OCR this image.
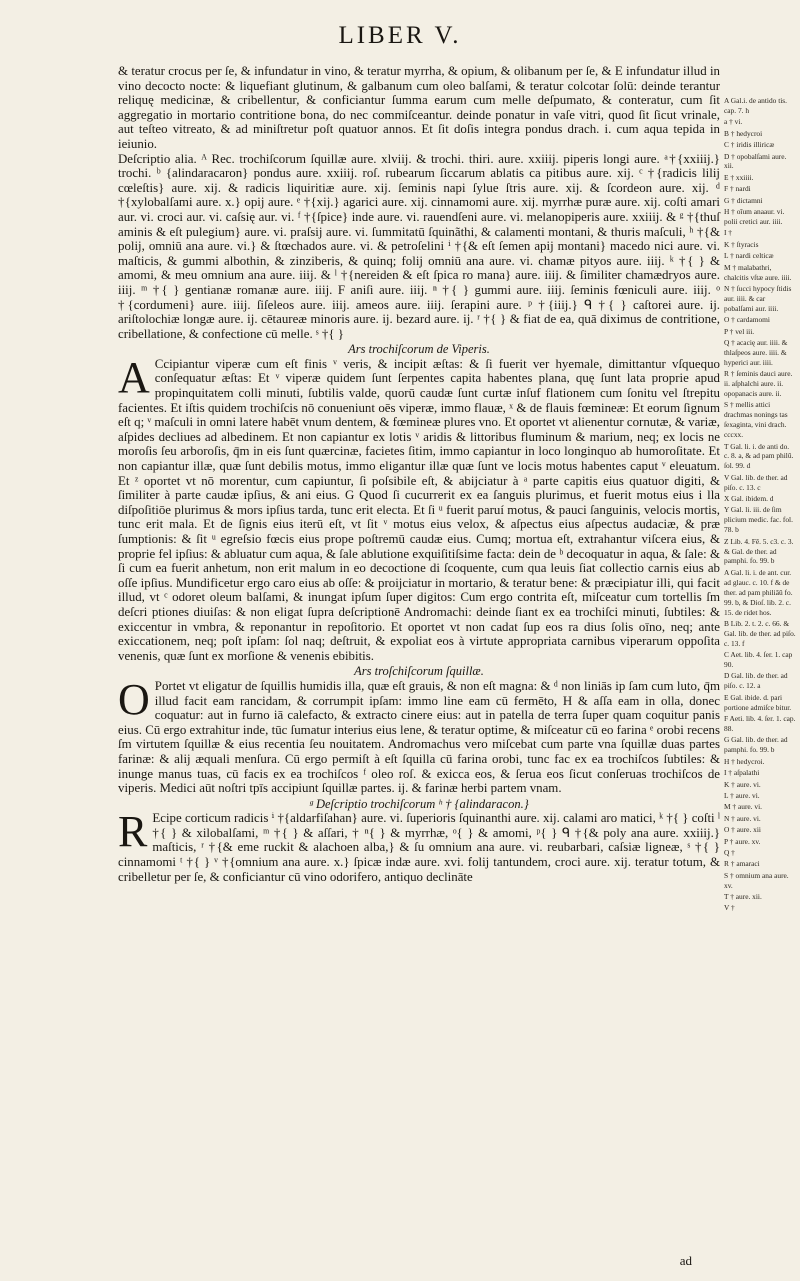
LIBER V.

& teratur crocus per ſe, & infundatur in vino, & teratur myrrha, & opium, & olibanum per ſe, & E infundatur illud in vino decocto nocte: & liquefiant glutinum, & galbanum cum oleo balſami, & teratur colcotar ſolū: deinde terantur reliquę medicinæ, & cribellentur, & conficiantur ſumma earum cum melle deſpumato, & conteratur, cum ſit aggregatio in mortario contritione bona, do nec commiſceantur. deinde ponatur in vaſe vitri, quod ſit ſicut vrinale, aut teſteo vitreato, & ad miniſtretur poſt quatuor annos. Et ſit doſis integra pondus drach. i. cum aqua tepida in ieiunio.

Deſcriptio alia. ᴬ Rec. trochiſcorum ſquillæ aure. xlviij. & trochi. thiri. aure. xxiiij. piperis longi aure. ᵃ†{xxiiij.} trochi. ᵇ {alindaracaron} pondus aure. xxiiij. roſ. rubearum ſiccarum ablatis ca pitibus aure. xij. ᶜ †{radicis lilij cœleſtis} aure. xij. & radicis liquiritiæ aure. xij. ſeminis napi ſylue ſtris aure. xij. & ſcordeon aure. xij. ᵈ †{xylobalſami aure. x.} opij aure. ᵉ †{xij.} agarici aure. xij. cinnamomi aure. xij. myrrhæ puræ aure. xij. coſti amari aur. vi. croci aur. vi. caſsię aur. vi. ᶠ †{ſpice} inde aure. vi. rauendſeni aure. vi. melanopiperis aure. xxiiij. & ᵍ †{thuſ aminis & eſt pulegium} aure. vi. praſsij aure. vi. ſummitatū ſquinãthi, & calamenti montani, & thuris maſculi, ʰ †{& polij, omniū ana aure. vi.} & ſtœchados aure. vi. & petroſelini ⁱ †{& eſt ſemen apij montani} macedo nici aure. vi. maſticis, & gummi albothin, & zinziberis, & quinq; folij omniū ana aure. vi. chamæ pityos aure. iiij. ᵏ †{ } & amomi, & meu omnium ana aure. iiij. & ˡ †{nereiden & eſt ſpica ro mana} aure. iiij. & ſimiliter chamædryos aure. iiij. ᵐ †{ } gentianæ romanæ aure. iiij. F aniſi aure. iiij. ⁿ †{ } gummi aure. iiij. ſeminis fœniculi aure. iiij. ᵒ †{cordumeni} aure. iiij. ſiſeleos aure. iiij. ameos aure. iiij. ſerapini aure. ᵖ †{iiij.} ᑫ †{ } caſtorei aure. ij. ariſtolochiæ longæ aure. ij. cētaureæ minoris aure. ij. bezard aure. ij. ʳ †{ } & fiat de ea, quā diximus de contritione, cribellatione, & confectione cū melle. ˢ †{ }

Ars trochiſcorum de Viperis.

A Ccipiantur viperæ cum eſt finis ᵛ veris, & incipit æſtas: & ſi fuerit ver hyemale, dimittantur vſquequo conſequatur æſtas: Et ᵛ viperæ quidem ſunt ſerpentes capita habentes plana, quę ſunt lata proprie apud propinquitatem colli minuti, ſubtilis valde, quorū caudæ ſunt curtæ inſuf flationem cum ſonitu vel ſtrepitu facientes. Et iſtis quidem trochiſcis nō conueniunt oēs viperæ, immo flauæ, ˣ & de flauis fœmineæ: Et eorum ſignum eſt q; ᵛ maſculi in omni latere habēt vnum dentem, & fœmineæ plures vno. Et oportet vt alienentur cornutæ, & variæ, aſpides decliues ad albedinem. Et non capiantur ex lotis ᵛ aridis & littoribus fluminum & marium, neq; ex locis ne moroſis ſeu arboroſis, q̄m in eis ſunt quærcinæ, facietes ſitim, immo capiantur in loco longinquo ab humoroſitate. Et non capiantur illæ, quæ ſunt debilis motus, immo eligantur illæ quæ ſunt ve locis motus habentes caput ᵛ eleuatum. Et ᶻ oportet vt nō morentur, cum capiuntur, ſi poſsibile eſt, & abijciatur à ᵃ parte capitis eius quatuor digiti, & ſimiliter à parte caudæ ipſius, & ani eius. G Quod ſi cucurrerit ex ea ſanguis plurimus, et fuerit motus eius i lla diſpoſitiōe plurimus & mors ipſius tarda, tunc erit electa. Et ſi ᵘ fuerit paruí motus, & pauci ſanguinis, velocis mortis, tunc erit mala. Et de ſignis eius iterū eſt, vt ſit ᵛ motus eius velox, & aſpectus eius aſpectus audaciæ, & præ ſumptionis: & ſit ᵘ egreſsio fœcis eius prope poſtremū caudæ eius. Cumq; mortua eſt, extrahantur viſcera eius, & proprie fel ipſius: & abluatur cum aqua, & ſale ablutione exquiſitiſsime facta: dein de ᵇ decoquatur in aqua, & ſale: & ſi cum ea fuerit anhetum, non erit malum in eo decoctione di ſcoquente, cum qua leuis ſiat collectio carnis eius ab oſſe ipſius. Mundificetur ergo caro eius ab oſſe: & proijciatur in mortario, & teratur bene: & præcipiatur illi, qui facit illud, vt ᶜ odoret oleum balſami, & inungat ipſum ſuper digitos: Cum ergo contrita eſt, miſceatur cum tortellis ſm deſcri ptiones diuiſas: & non eligat ſupra deſcriptionē Andromachi: deinde ſiant ex ea trochiſci minuti, ſubtiles: & exiccentur in vmbra, & reponantur in repoſitorio. Et oportet vt non cadat ſup eos ra dius ſolis oīno, neq; ante exiccationem, neq; poſt ipſam: ſol naq; deſtruit, & expoliat eos à virtute appropriata carnibus viperarum oppoſita venenis, quæ ſunt ex morſione & venenis ebibitis.

Ars troſchiſcorum ſquillæ.

O Portet vt eligatur de ſquillis humidis illa, quæ eſt grauis, & non eſt magna: & ᵈ non liniās ip ſam cum luto, q̄m illud facit eam rancidam, & corrumpit ipſam: immo line eam cū fermēto, H & aſſa eam in olla, donec coquatur: aut in furno iā calefacto, & extracto cinere eius: aut in patella de terra ſuper quam coquitur panis eius. Cū ergo extrahitur inde, tūc ſumatur interius eius lene, & teratur optime, & miſceatur cū eo farina ᵉ orobi recens ſm virtutem ſquillæ & eius recentia ſeu nouitatem. Andromachus vero miſcebat cum parte vna ſquillæ duas partes farinæ: & alij æquali menſura. Cū ergo permiſt à eſt ſquilla cū farina orobi, tunc fac ex ea trochiſcos ſubtiles: & inunge manus tuas, cū facis ex ea trochiſcos ᶠ oleo roſ. & exicca eos, & ſerua eos ſicut conſeruas trochiſcos de viperis. Medici aūt noſtri tpīs accipiunt ſquillæ partes. ij. & farinæ herbi partem vnam.

ᵍ Deſcriptio trochiſcorum ʰ † {alindaracon.}

R Ecipe corticum radicis ⁱ †{aldarfiſahan} aure. vi. ſuperioris ſquinanthi aure. xij. calami aro matici, ᵏ †{ } coſti ˡ †{ } & xilobalſami, ᵐ †{ } & aſſari, † ⁿ{ } & myrrhæ, ᵒ{ } & amomi, ᵖ{ } ᑫ †{& poly ana aure. xxiiij.} maſticis, ʳ †{& eme ruckit & alachoen alba,} & ſu omnium ana aure. vi. reubarbari, caſsiæ ligneæ, ˢ †{ } cinnamomi ᵗ †{ } ᵛ †{omnium ana aure. x.} ſpicæ indæ aure. xvi. folij tantundem, croci aure. xij. teratur totum, & cribelletur per ſe, & conficiantur cū vino odorifero, antiquo declināte

A Gal.i. de antido tis. cap. 7. h
a † vi.
B † hedycroi
C † iridis illiricæ
D † opobalſami aure. xii.
E † xxiiii.
F † nardi
G † dictamni
H † oīum anaaur. vi. polii cretici aur. iiii.
I †
K † ſtyracis
L † nardi celticæ
M † malabathri, chalcitis vſtæ aure. iiii.
N † ſucci hypocy ſtidis aur. iiii. & car pobalſami aur. iiii.
O † cardamomi
P † vel iii.
Q † acacię aur. iiii. & thlaſpeos aure. iiii. & hyperici aur. iiii.
R † ſeminis dauci aure. ii. aſphalchi aure. ii. opopanacis aure. ii.
S † mellis attici drachmas nonings tas ſexaginta, vini drach. cccxx.
T Gal. li. i. de anti do. c. 8. a, & ad pam philū. ſol. 99. d
V Gal. lib. de ther. ad piſo. c. 13. c
X Gal. ibidem. d
Y Gal. li. iii. de ſim plicium medic. fac. fol. 78. b
Z Lib. 4. Fē. 5. c3. c. 3. & Gal. de ther. ad pamphi. fo. 99. b
A Gal. li. i. de ant. cur. ad glauc. c. 10. f & de ther. ad pam philiāū fo. 99. b, & Dioſ. lib. 2. c. 15. de ridet hos.
B Lib. 2. t. 2. c. 66. & Gal. lib. de ther. ad piſo. c. 13. f
C Aet. lib. 4. ſer. 1. cap 90.
D Gal. lib. de ther. ad piſo. c. 12. a
E Gal. ibide. d. pari portione admiſce bitur.
F Aeti. lib. 4. ſer. 1. cap. 88.
G Gal. lib. de ther. ad pamphi. fo. 99. b
H † hedycroi.
I † aſpalathi
K † aure. vi.
L † aure. vi.
M † aure. vi.
N † aure. vi.
O † aure. xii
P † aure. xv.
Q †
R † amaraci
S † omnium ana aure. xv.
T † aure. xii.
V †
ad
